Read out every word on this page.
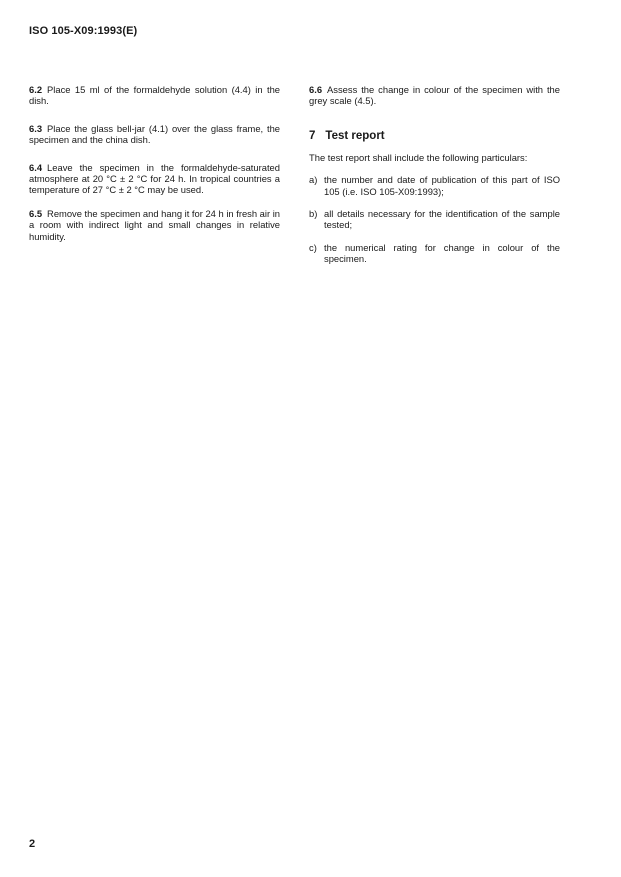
ISO 105-X09:1993(E)

6.2 Place 15 ml of the formaldehyde solution (4.4) in the dish.

6.3 Place the glass bell-jar (4.1) over the glass frame, the specimen and the china dish.

6.4 Leave the specimen in the formaldehyde-saturated atmosphere at 20 °C ± 2 °C for 24 h. In tropical countries a temperature of 27 °C ± 2 °C may be used.

6.5 Remove the specimen and hang it for 24 h in fresh air in a room with indirect light and small changes in relative humidity.

6.6 Assess the change in colour of the specimen with the grey scale (4.5).

7 Test report

The test report shall include the following particulars:

a) the number and date of publication of this part of ISO 105 (i.e. ISO 105-X09:1993);
b) all details necessary for the identification of the sample tested;
c) the numerical rating for change in colour of the specimen.
2
